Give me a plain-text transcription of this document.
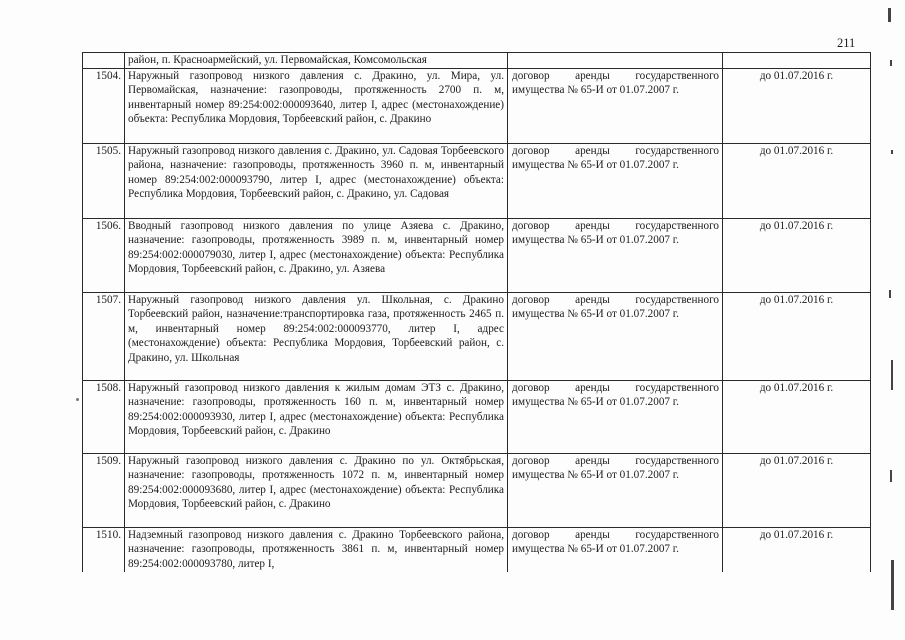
211
	район, п. Красноармейский, ул. Первомайская, Комсомольская		
1504.	Наружный газопровод низкого давления с. Дракино, ул. Мира, ул. Первомайская, назначение: газопроводы, протяженность 2700 п. м, инвентарный номер 89:254:002:000093640, литер I, адрес (местонахождение) объекта: Республика Мордовия, Торбеевский район, с. Дракино	договор аренды государственного имущества № 65-И от 01.07.2007 г.	до 01.07.2016 г.
1505.	Наружный газопровод низкого давления с. Дракино, ул. Садовая Торбеевского района, назначение: газопроводы, протяженность 3960 п. м, инвентарный номер 89:254:002:000093790, литер I, адрес (местонахождение) объекта: Республика Мордовия, Торбеевский район, с. Дракино, ул. Садовая	договор аренды государственного имущества № 65-И от 01.07.2007 г.	до 01.07.2016 г.
1506.	Вводный газопровод низкого давления по улице Азяева с. Дракино, назначение: газопроводы, протяженность 3989 п. м, инвентарный номер 89:254:002:000079030, литер I, адрес (местонахождение) объекта: Республика Мордовия, Торбеевский район, с. Дракино, ул. Азяева	договор аренды государственного имущества № 65-И от 01.07.2007 г.	до 01.07.2016 г.
1507.	Наружный газопровод низкого давления ул. Школьная, с. Дракино Торбеевский район, назначение:транспортировка газа, протяженность 2465 п. м, инвентарный номер 89:254:002:000093770, литер I, адрес (местонахождение) объекта: Республика Мордовия, Торбеевский район, с. Дракино, ул. Школьная	договор аренды государственного имущества № 65-И от 01.07.2007 г.	до 01.07.2016 г.
1508.	Наружный газопровод низкого давления к жилым домам ЭТЗ с. Дракино, назначение: газопроводы, протяженность 160 п. м, инвентарный номер 89:254:002:000093930, литер I, адрес (местонахождение) объекта: Республика Мордовия, Торбеевский район, с. Дракино	договор аренды государственного имущества № 65-И от 01.07.2007 г.	до 01.07.2016 г.
1509.	Наружный газопровод низкого давления с. Дракино по ул. Октябрьская, назначение: газопроводы, протяженность 1072 п. м, инвентарный номер 89:254:002:000093680, литер I, адрес (местонахождение) объекта: Республика Мордовия, Торбеевский район, с. Дракино	договор аренды государственного имущества № 65-И от 01.07.2007 г.	до 01.07.2016 г.
1510.	Надземный газопровод низкого давления с. Дракино Торбеевского района, назначение: газопроводы, протяженность 3861 п. м, инвентарный номер 89:254:002:000093780, литер I,	договор аренды государственного имущества № 65-И от 01.07.2007 г.	до 01.07.2016 г.
